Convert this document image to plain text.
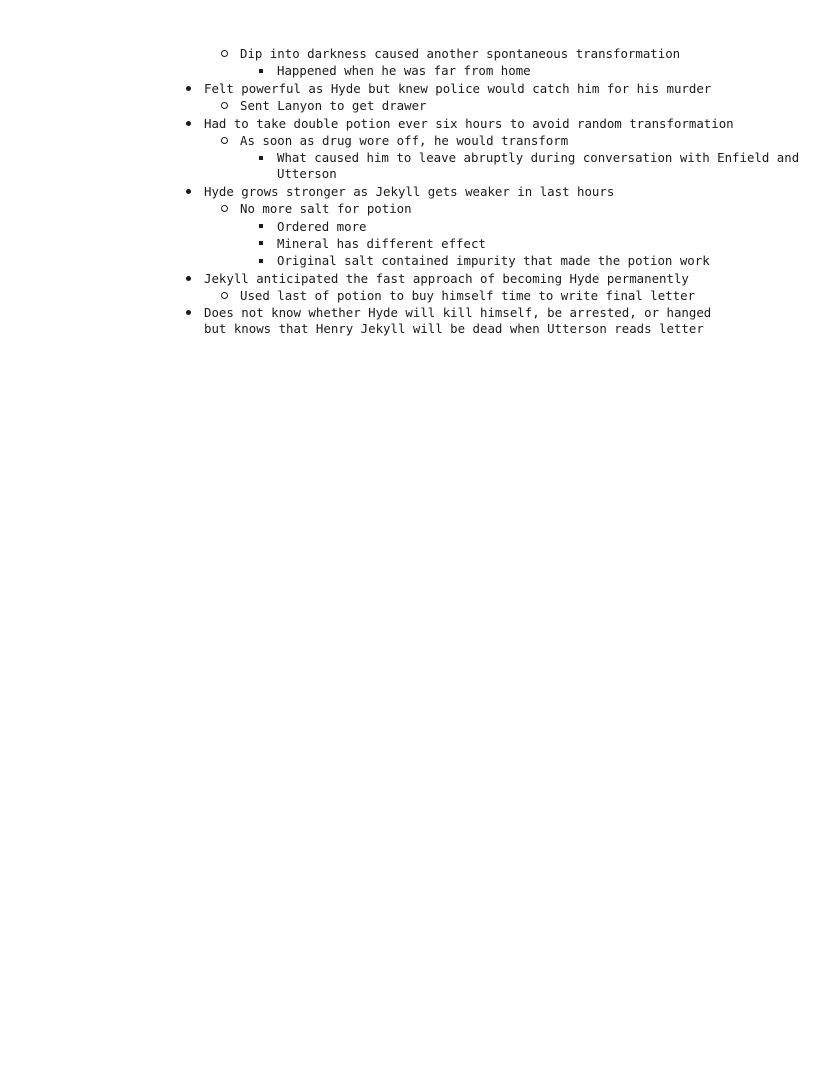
Dip into darkness caused another spontaneous transformation
Happened when he was far from home
Felt powerful as Hyde but knew police would catch him for his murder
Sent Lanyon to get drawer
Had to take double potion ever six hours to avoid random transformation
As soon as drug wore off, he would transform
What caused him to leave abruptly during conversation with Enfield and Utterson
Hyde grows stronger as Jekyll gets weaker in last hours
No more salt for potion
Ordered more
Mineral has different effect
Original salt contained impurity that made the potion work
Jekyll anticipated the fast approach of becoming Hyde permanently
Used last of potion to buy himself time to write final letter
Does not know whether Hyde will kill himself, be arrested, or hanged but knows that Henry Jekyll will be dead when Utterson reads letter
